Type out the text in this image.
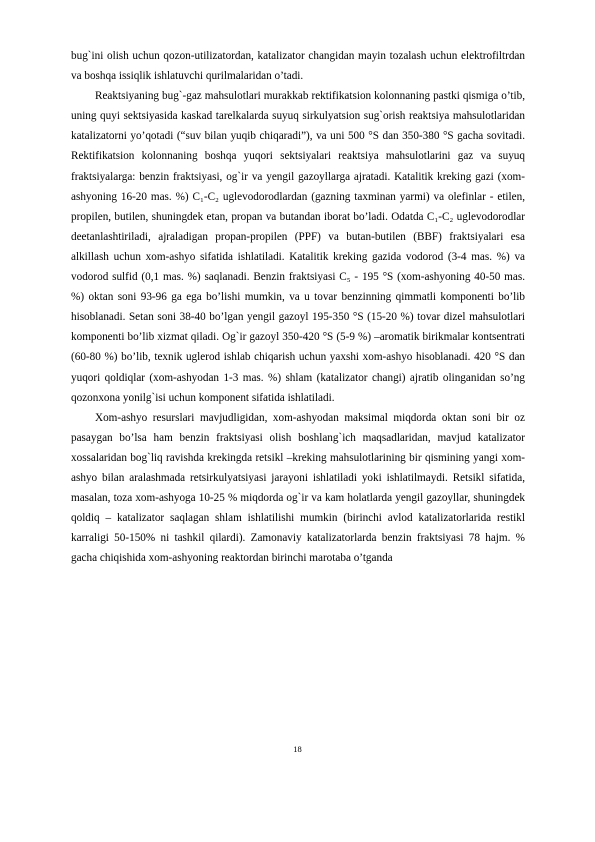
bug`ini olish uchun qozon-utilizatordan, katalizator changidan mayin tozalash uchun elektrofiltrdan va boshqa issiqlik ishlatuvchi qurilmalaridan o’tadi.

Reaktsiyaning bug`-gaz mahsulotlari murakkab rektifikatsion kolonnaning pastki qismiga o’tib, uning quyi sektsiyasida kaskad tarelkalarda suyuq sirkulyatsion sug`orish reaktsiya mahsulotlaridan katalizatorni yo’qotadi (“suv bilan yuqib chiqaradi”), va uni 500 °S dan 350-380 °S gacha sovitadi. Rektifikatsion kolonnaning boshqa yuqori sektsiyalari reaktsiya mahsulotlarini gaz va suyuq fraktsiyalarga: benzin fraktsiyasi, og`ir va yengil gazoyllarga ajratadi. Katalitik kreking gazi (xom-ashyoning 16-20 mas. %) C₁-C₂ uglevodorodlardan (gazning taxminan yarmi) va olefinlar - etilen, propilen, butilen, shuningdek etan, propan va butandan iborat bo’ladi. Odatda C₁-C₂ uglevodorodlar deetanlashtiriladi, ajraladigan propan-propilen (PPF) va butan-butilen (BBF) fraktsiyalari esa alkillash uchun xom-ashyo sifatida ishlatiladi. Katalitik kreking gazida vodorod (3-4 mas. %) va vodorod sulfid (0,1 mas. %) saqlanadi. Benzin fraktsiyasi C₅ - 195 °S (xom-ashyoning 40-50 mas. %) oktan soni 93-96 ga ega bo’lishi mumkin, va u tovar benzinning qimmatli komponenti bo’lib hisoblanadi. Setan soni 38-40 bo’lgan yengil gazoyl 195-350 °S (15-20 %) tovar dizel mahsulotlari komponenti bo’lib xizmat qiladi. Og`ir gazoyl 350-420 °S (5-9 %) –aromatik birikmalar kontsentrati (60-80 %) bo’lib, texnik uglerod ishlab chiqarish uchun yaxshi xom-ashyo hisoblanadi. 420 °S dan yuqori qoldiqlar (xom-ashyodan 1-3 mas. %) shlam (katalizator changi) ajratib olinganidan so’ng qozonxona yonilg`isi uchun komponent sifatida ishlatiladi.

Xom-ashyo resurslari mavjudligidan, xom-ashyodan maksimal miqdorda oktan soni bir oz pasaygan bo’lsa ham benzin fraktsiyasi olish boshlang`ich maqsadlaridan, mavjud katalizator xossalaridan bog`liq ravishda krekingda retsikl –kreking mahsulotlarining bir qismining yangi xom-ashyo bilan aralashmada retsirkulyatsiyasi jarayoni ishlatiladi yoki ishlatilmaydi. Retsikl sifatida, masalan, toza xom-ashyoga 10-25 % miqdorda og`ir va kam holatlarda yengil gazoyllar, shuningdek qoldiq – katalizator saqlagan shlam ishlatilishi mumkin (birinchi avlod katalizatorlarida restikl karraligi 50-150% ni tashkil qilardi). Zamonaviy katalizatorlarda benzin fraktsiyasi 78 hajm. % gacha chiqishida xom-ashyoning reaktordan birinchi marotaba o’tganda

18
